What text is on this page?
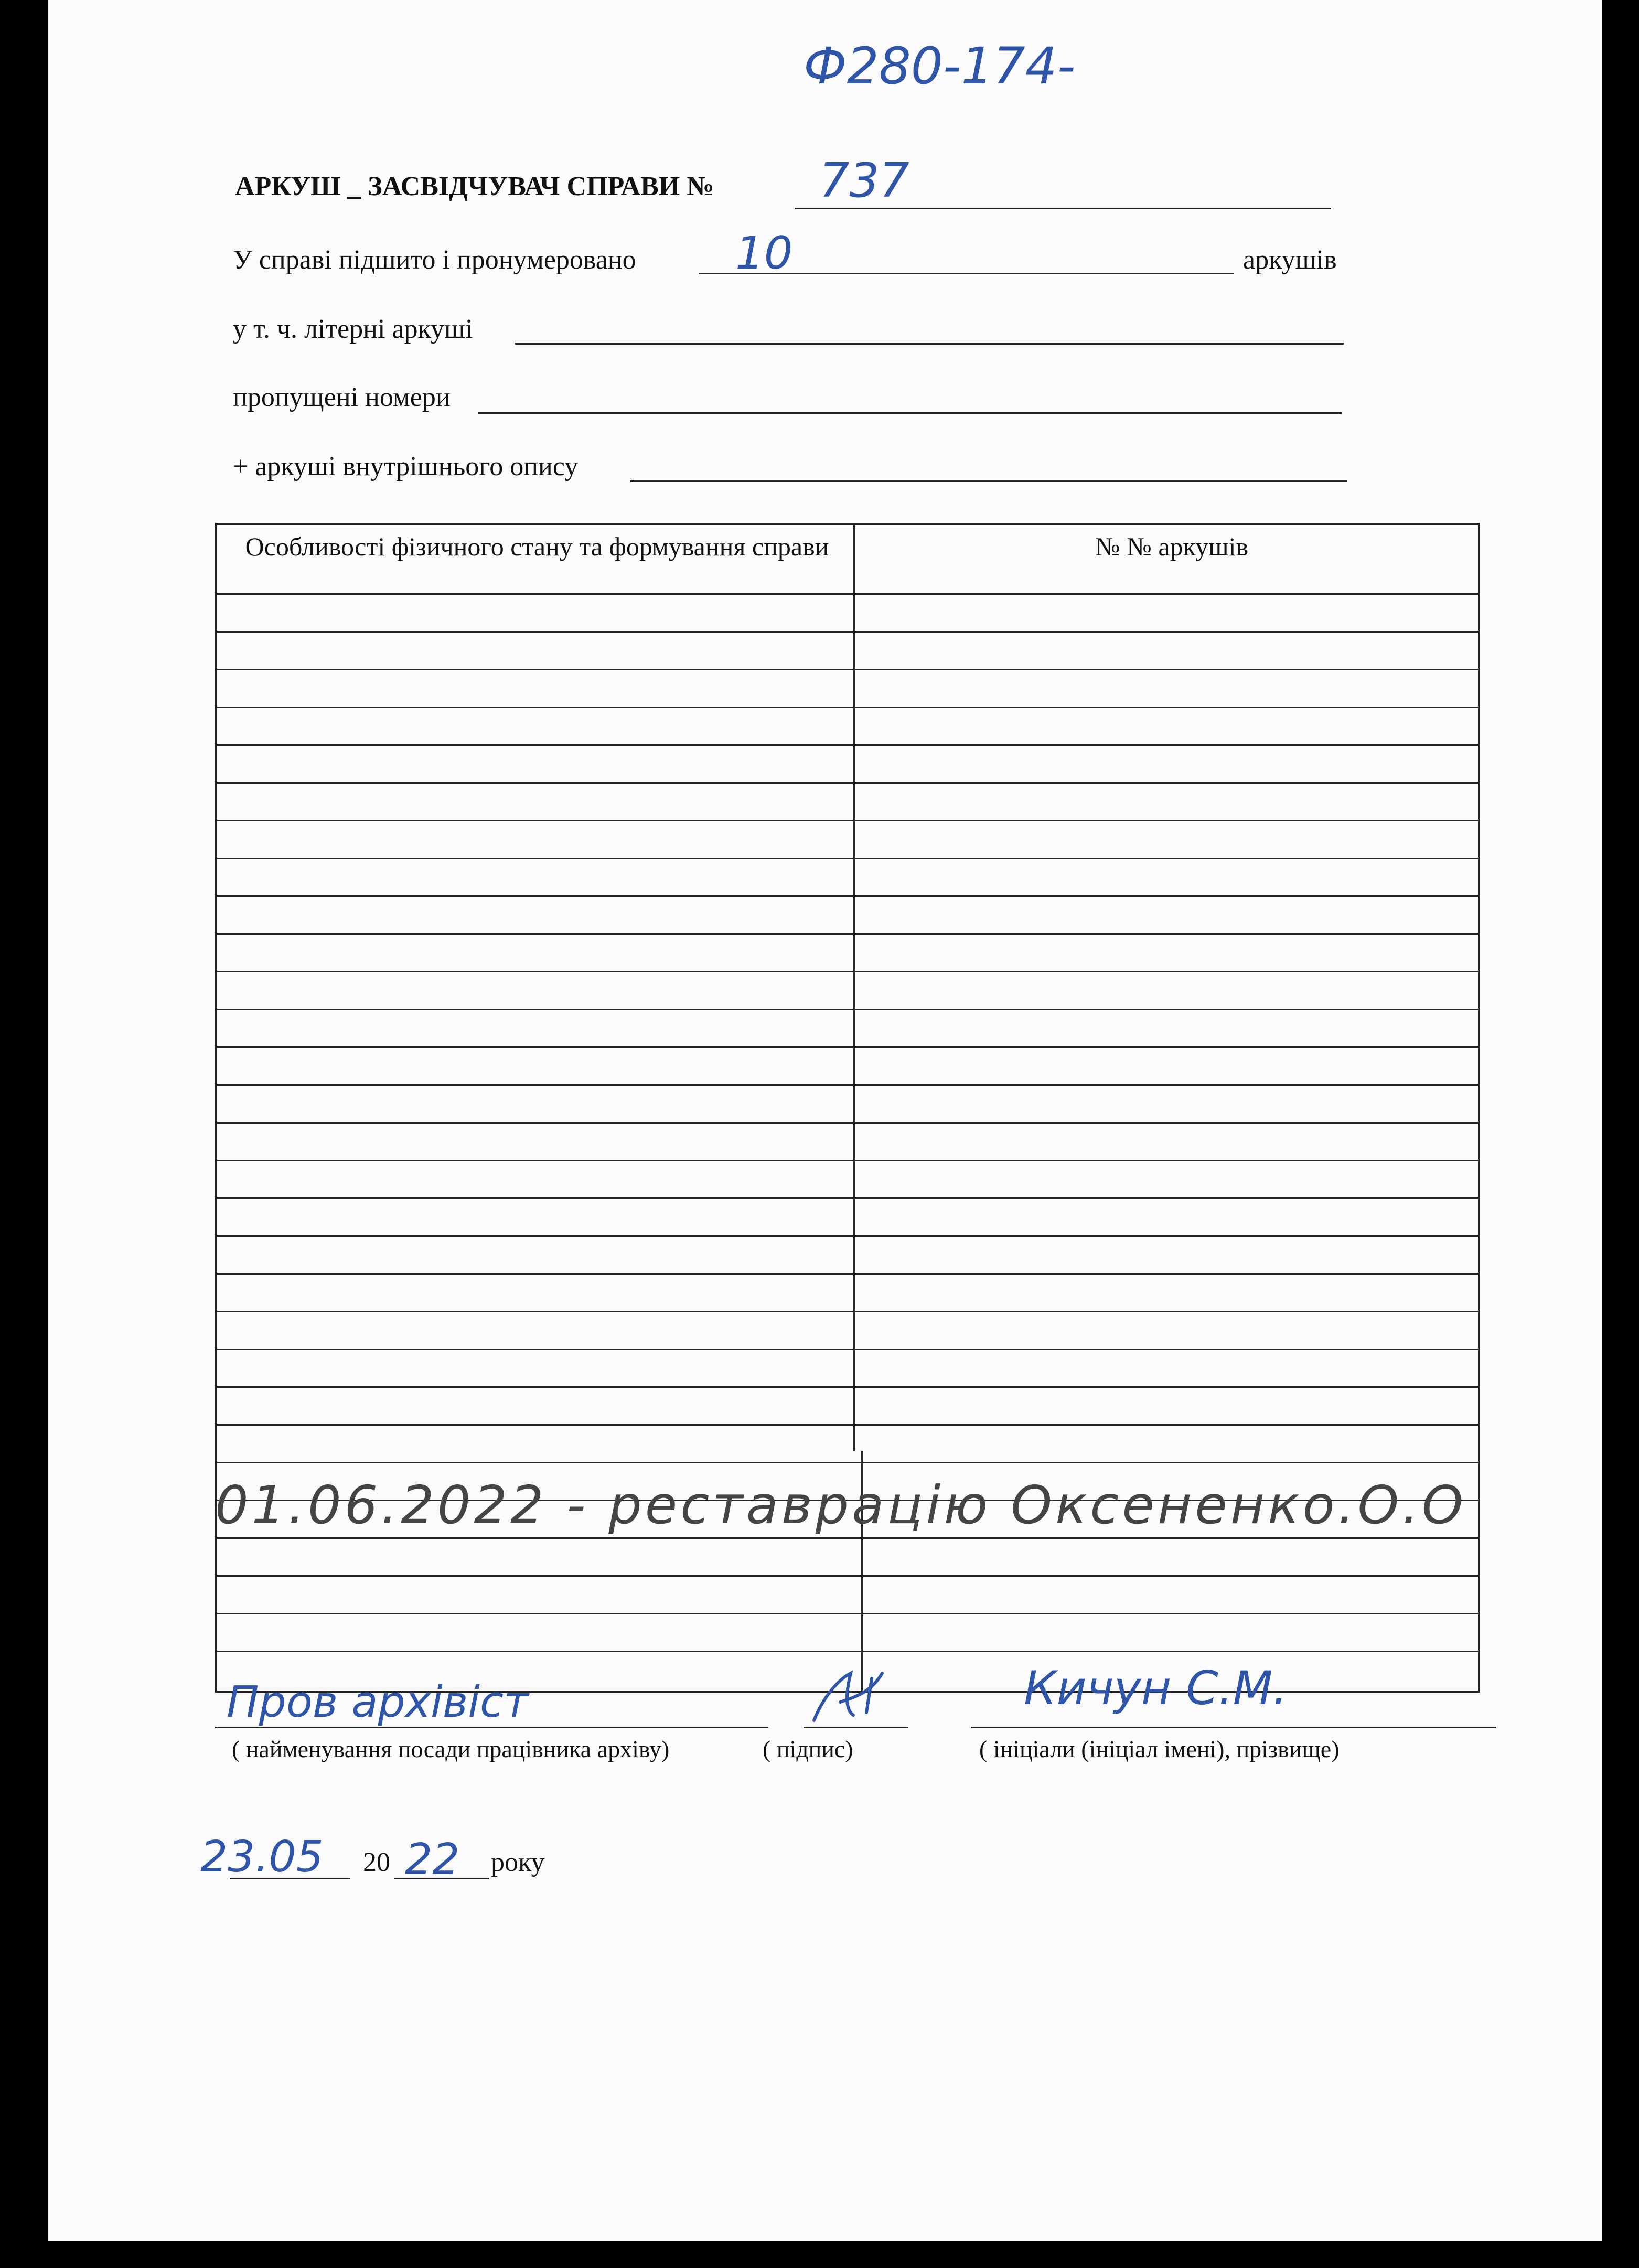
Ф280-174-
АРКУШ _ ЗАСВІДЧУВАЧ СПРАВИ № 737
У справі підшито і пронумеровано 10	аркушів
у т. ч. літерні аркуші
пропущені номери
+ аркуші внутрішнього опису
Особливості фізичного стану та формування справи	№ № аркушів
01.06.2022 - реставрацію Оксененко.О.О
Пров архівіст
( найменування посади працівника архіву)	( підпис)
Кичун С.М.
( ініціали (ініціал імені), прізвище)
23.05 20 22 року
